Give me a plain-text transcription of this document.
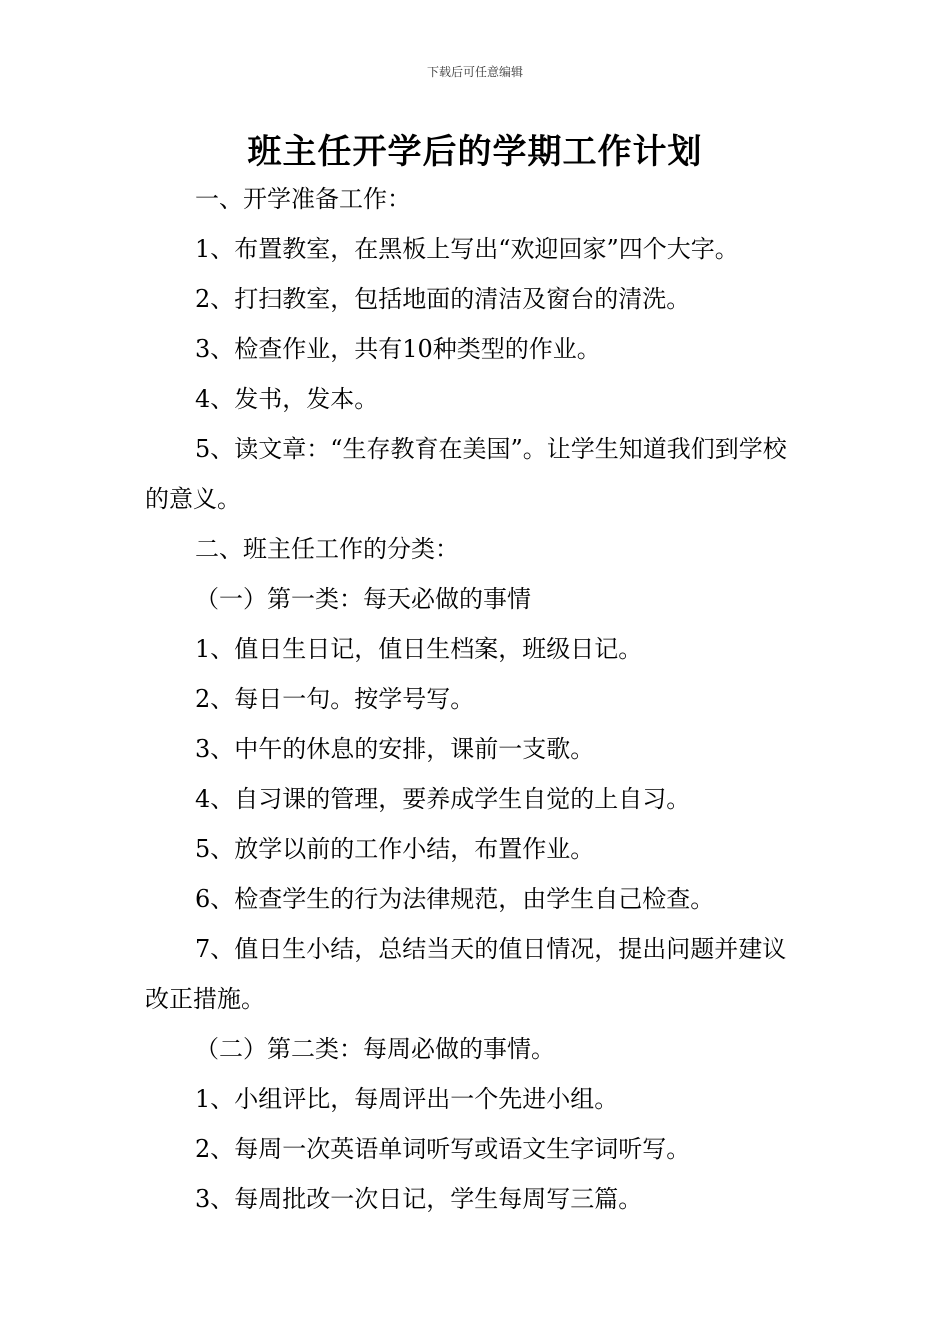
下载后可任意编辑
班主任开学后的学期工作计划

一、开学准备工作：

1、布置教室，在黑板上写出“欢迎回家”四个大字。

2、打扫教室，包括地面的清洁及窗台的清洗。

3、检查作业，共有10种类型的作业。

4、发书，发本。

5、读文章：“生存教育在美国”。让学生知道我们到学校的意义。

二、班主任工作的分类：

（一）第一类：每天必做的事情

1、值日生日记，值日生档案，班级日记。

2、每日一句。按学号写。

3、中午的休息的安排，课前一支歌。

4、自习课的管理，要养成学生自觉的上自习。

5、放学以前的工作小结，布置作业。

6、检查学生的行为法律规范，由学生自己检查。

7、值日生小结，总结当天的值日情况，提出问题并建议改正措施。

（二）第二类：每周必做的事情。

1、小组评比，每周评出一个先进小组。

2、每周一次英语单词听写或语文生字词听写。

3、每周批改一次日记，学生每周写三篇。
